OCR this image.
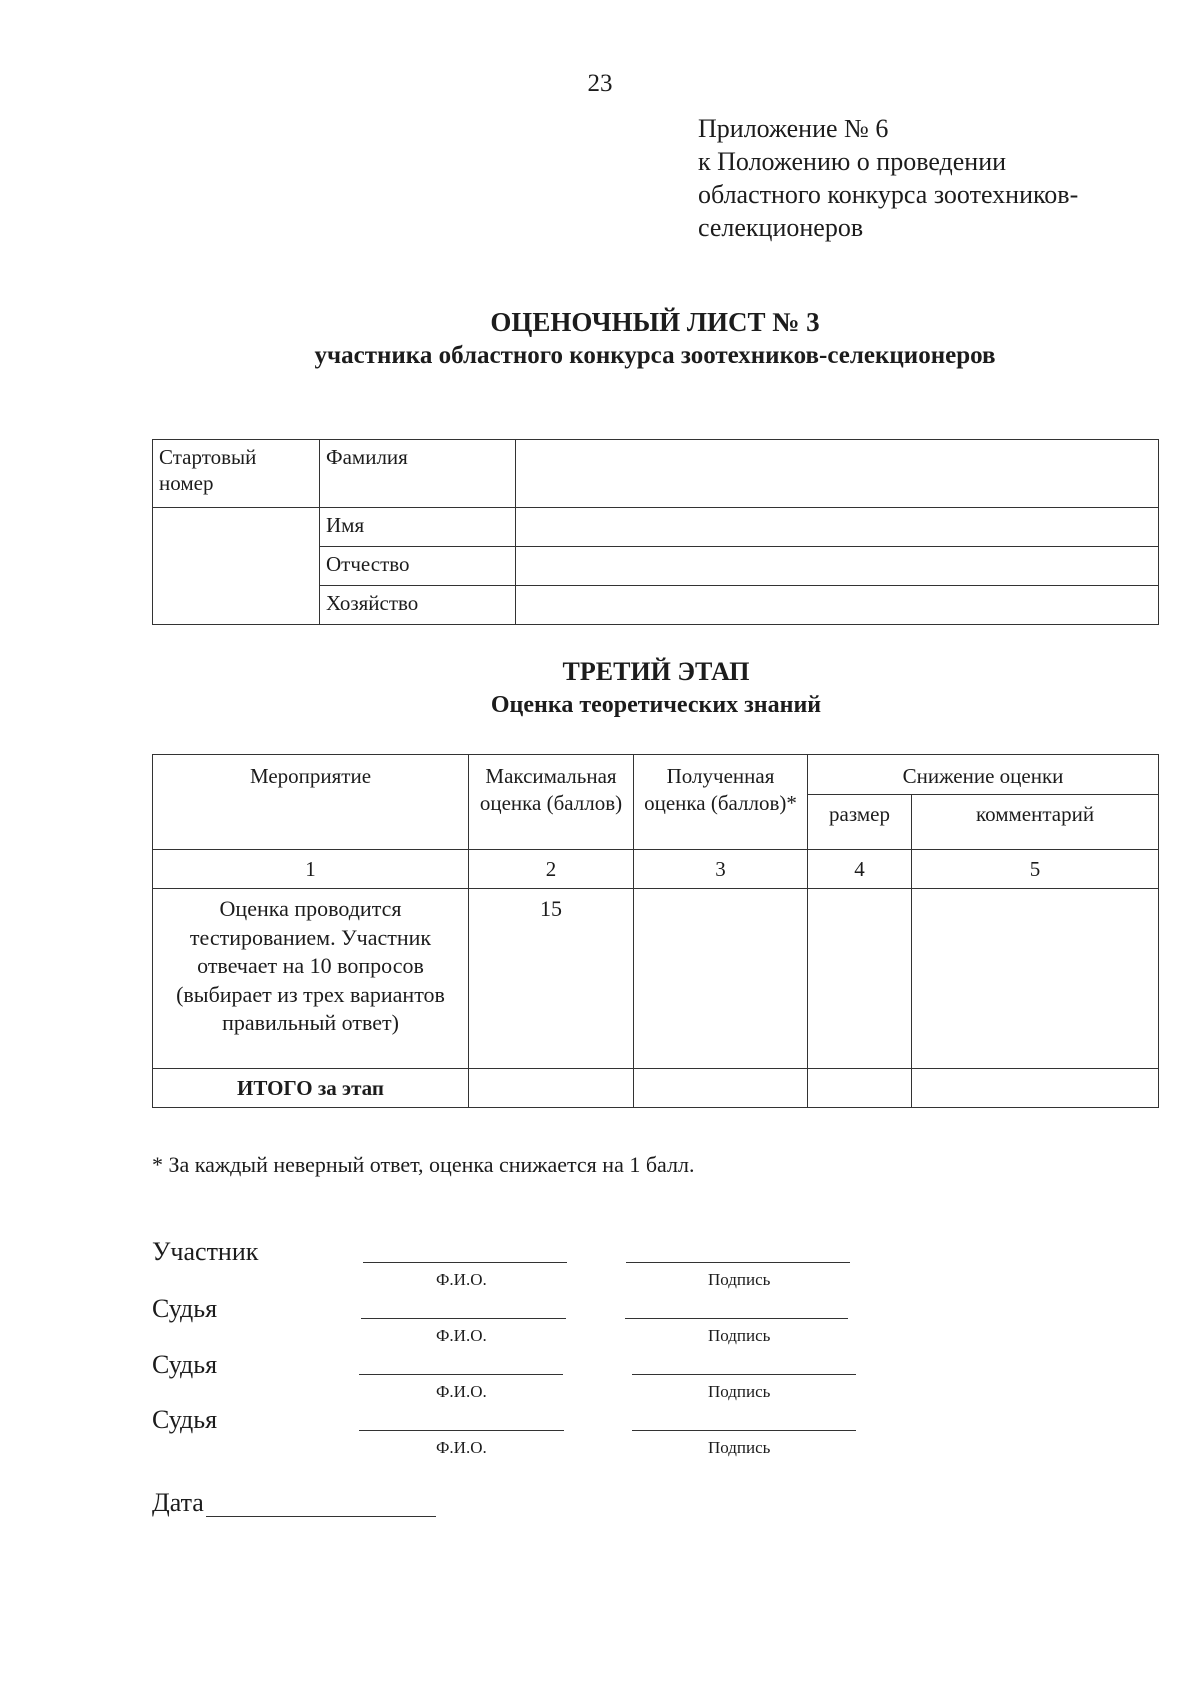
23
Приложение № 6
к Положению о проведении
областного конкурса зоотехников-
селекционеров
ОЦЕНОЧНЫЙ ЛИСТ № 3
участника областного конкурса зоотехников-селекционеров
Стартовый номер	Фамилия	
	Имя	
	Отчество	
	Хозяйство	
ТРЕТИЙ ЭТАП
Оценка теоретических знаний
Мероприятие	Максимальная оценка (баллов)	Полученная оценка (баллов)*	Снижение оценки	
			размер	комментарий
1	2	3	4	5
Оценка проводится тестированием. Участник отвечает на 10 вопросов (выбирает из трех вариантов правильный ответ)	15			
ИТОГО за этап				
* За каждый неверный ответ, оценка снижается на 1 балл.
Участник
Ф.И.О.	Подпись
Судья
Ф.И.О.	Подпись
Судья
Ф.И.О.	Подпись
Судья
Ф.И.О.	Подпись
Дата
